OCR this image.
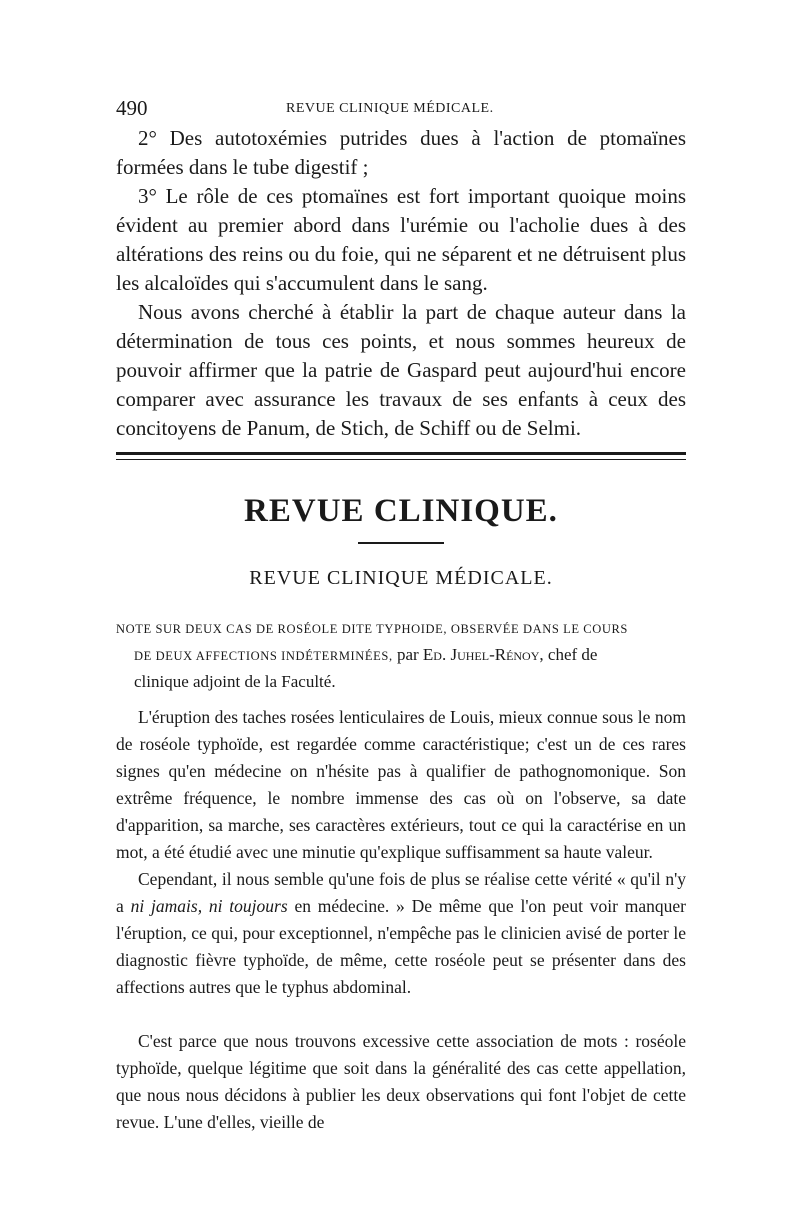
490	REVUE CLINIQUE MÉDICALE.

2° Des autotoxémies putrides dues à l'action de ptomaïnes formées dans le tube digestif ;

3° Le rôle de ces ptomaïnes est fort important quoique moins évident au premier abord dans l'urémie ou l'acholie dues à des altérations des reins ou du foie, qui ne séparent et ne détruisent plus les alcaloïdes qui s'accumulent dans le sang.

Nous avons cherché à établir la part de chaque auteur dans la détermination de tous ces points, et nous sommes heureux de pouvoir affirmer que la patrie de Gaspard peut aujourd'hui encore comparer avec assurance les travaux de ses enfants à ceux des concitoyens de Panum, de Stich, de Schiff ou de Selmi.

REVUE CLINIQUE.
REVUE CLINIQUE MÉDICALE.
NOTE SUR DEUX CAS DE ROSÉOLE DITE TYPHOIDE, OBSERVÉE DANS LE COURS
DE DEUX AFFECTIONS INDÉTERMINÉES, par Ed. Juhel-Rénoy, chef de
clinique adjoint de la Faculté.

L'éruption des taches rosées lenticulaires de Louis, mieux connue sous le nom de roséole typhoïde, est regardée comme caractéristique; c'est un de ces rares signes qu'en médecine on n'hésite pas à qualifier de pathognomonique. Son extrême fréquence, le nombre immense des cas où on l'observe, sa date d'apparition, sa marche, ses caractères extérieurs, tout ce qui la caractérise en un mot, a été étudié avec une minutie qu'explique suffisamment sa haute valeur.

Cependant, il nous semble qu'une fois de plus se réalise cette vérité « qu'il n'y a ni jamais, ni toujours en médecine. » De même que l'on peut voir manquer l'éruption, ce qui, pour exceptionnel, n'empêche pas le clinicien avisé de porter le diagnostic fièvre typhoïde, de même, cette roséole peut se présenter dans des affections autres que le typhus abdominal.

C'est parce que nous trouvons excessive cette association de mots : roséole typhoïde, quelque légitime que soit dans la généralité des cas cette appellation, que nous nous décidons à publier les deux observations qui font l'objet de cette revue. L'une d'elles, vieille de
